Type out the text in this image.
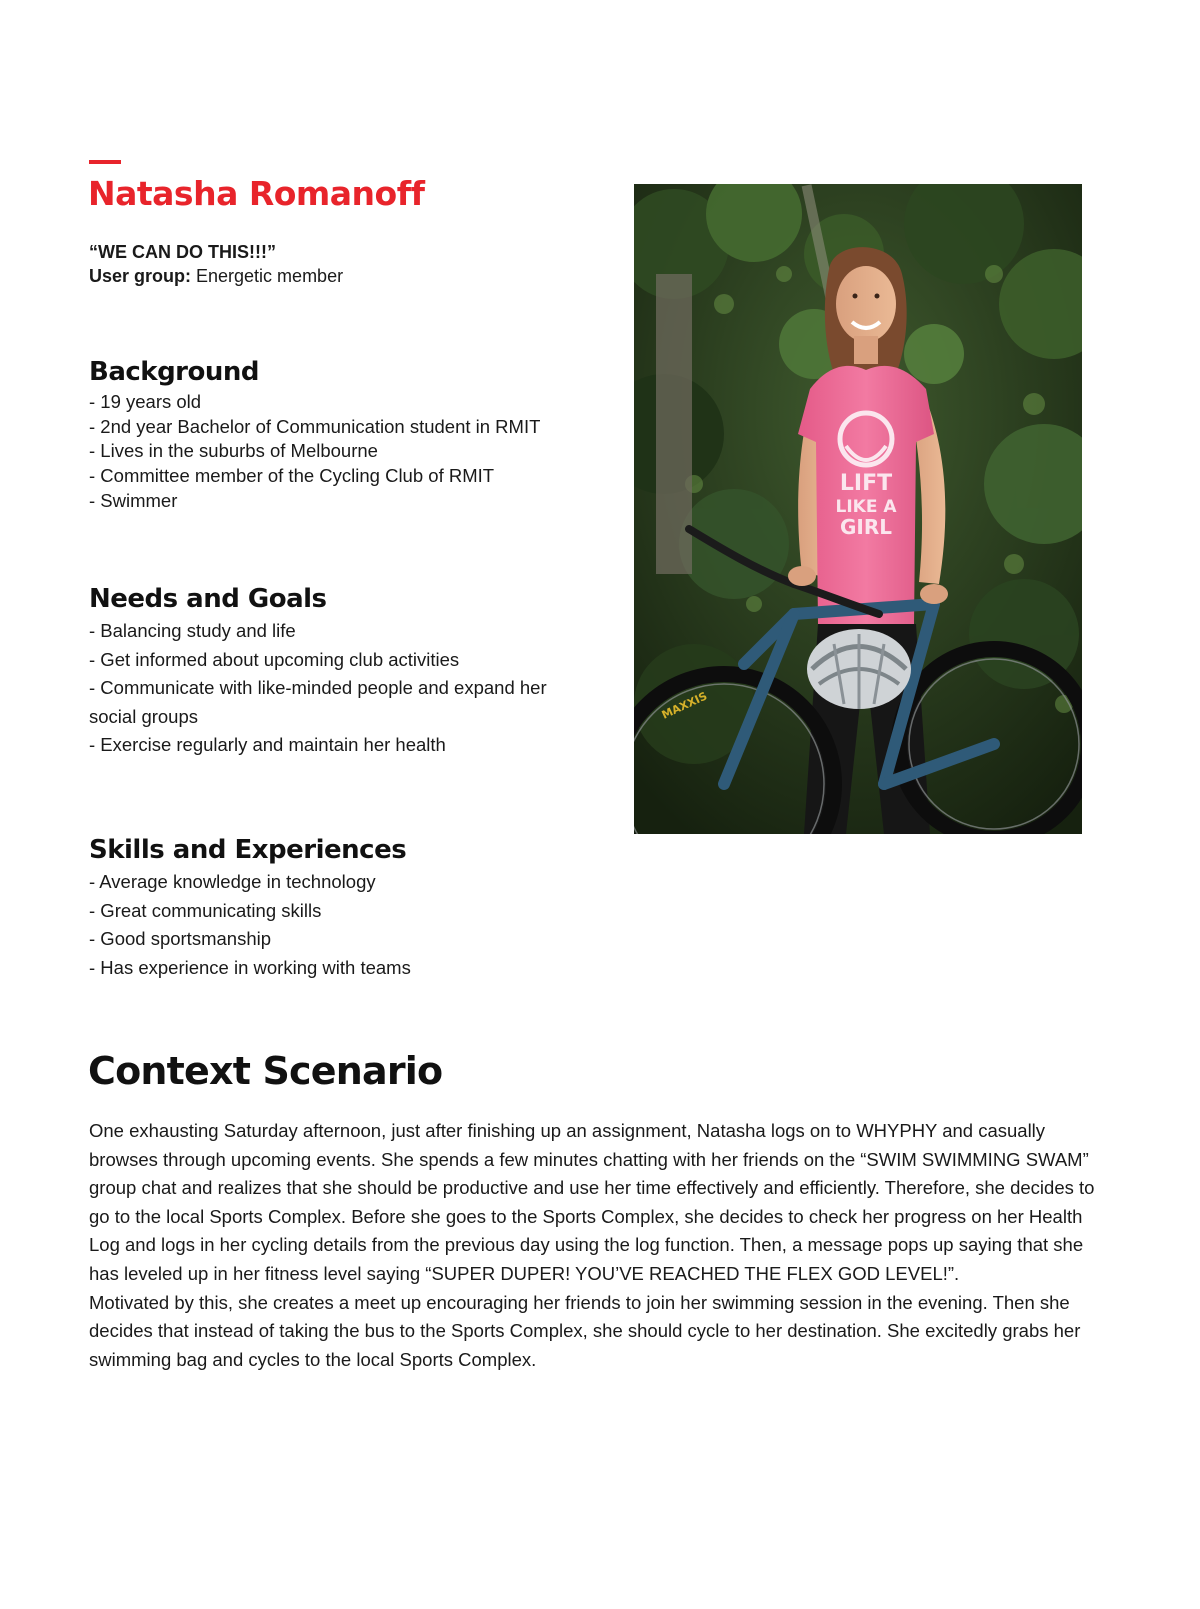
Natasha Romanoff
“WE CAN DO THIS!!!”
User group: Energetic member
Background
- 19 years old
- 2nd year Bachelor of Communication student in RMIT
- Lives in the suburbs of Melbourne
- Committee member of the Cycling Club of RMIT
- Swimmer
Needs and Goals
- Balancing study and life
- Get informed about upcoming club activities
- Communicate with like-minded people and expand her social groups
- Exercise regularly and maintain her health
Skills and Experiences
- Average knowledge in technology
- Great communicating skills
- Good sportsmanship
- Has experience in working with teams
LIFT
LIKE A
GIRL
MAXXIS
Context Scenario

One exhausting Saturday afternoon, just after finishing up an assignment, Natasha logs on to WHYPHY and casually browses through upcoming events. She spends a few minutes chatting with her friends on the “SWIM SWIMMING SWAM” group chat and realizes that she should be productive and use her time effectively and efficiently. Therefore, she decides to go to the local Sports Complex. Before she goes to the Sports Complex, she decides to check her progress on her Health Log and logs in her cycling details from the previous day using the log function. Then, a message pops up saying that she has leveled up in her fitness level saying “SUPER DUPER! YOU’VE REACHED THE FLEX GOD LEVEL!”.

Motivated by this, she creates a meet up encouraging her friends to join her swimming session in the evening. Then she decides that instead of taking the bus to the Sports Complex, she should cycle to her destination. She excitedly grabs her swimming bag and cycles to the local Sports Complex.
